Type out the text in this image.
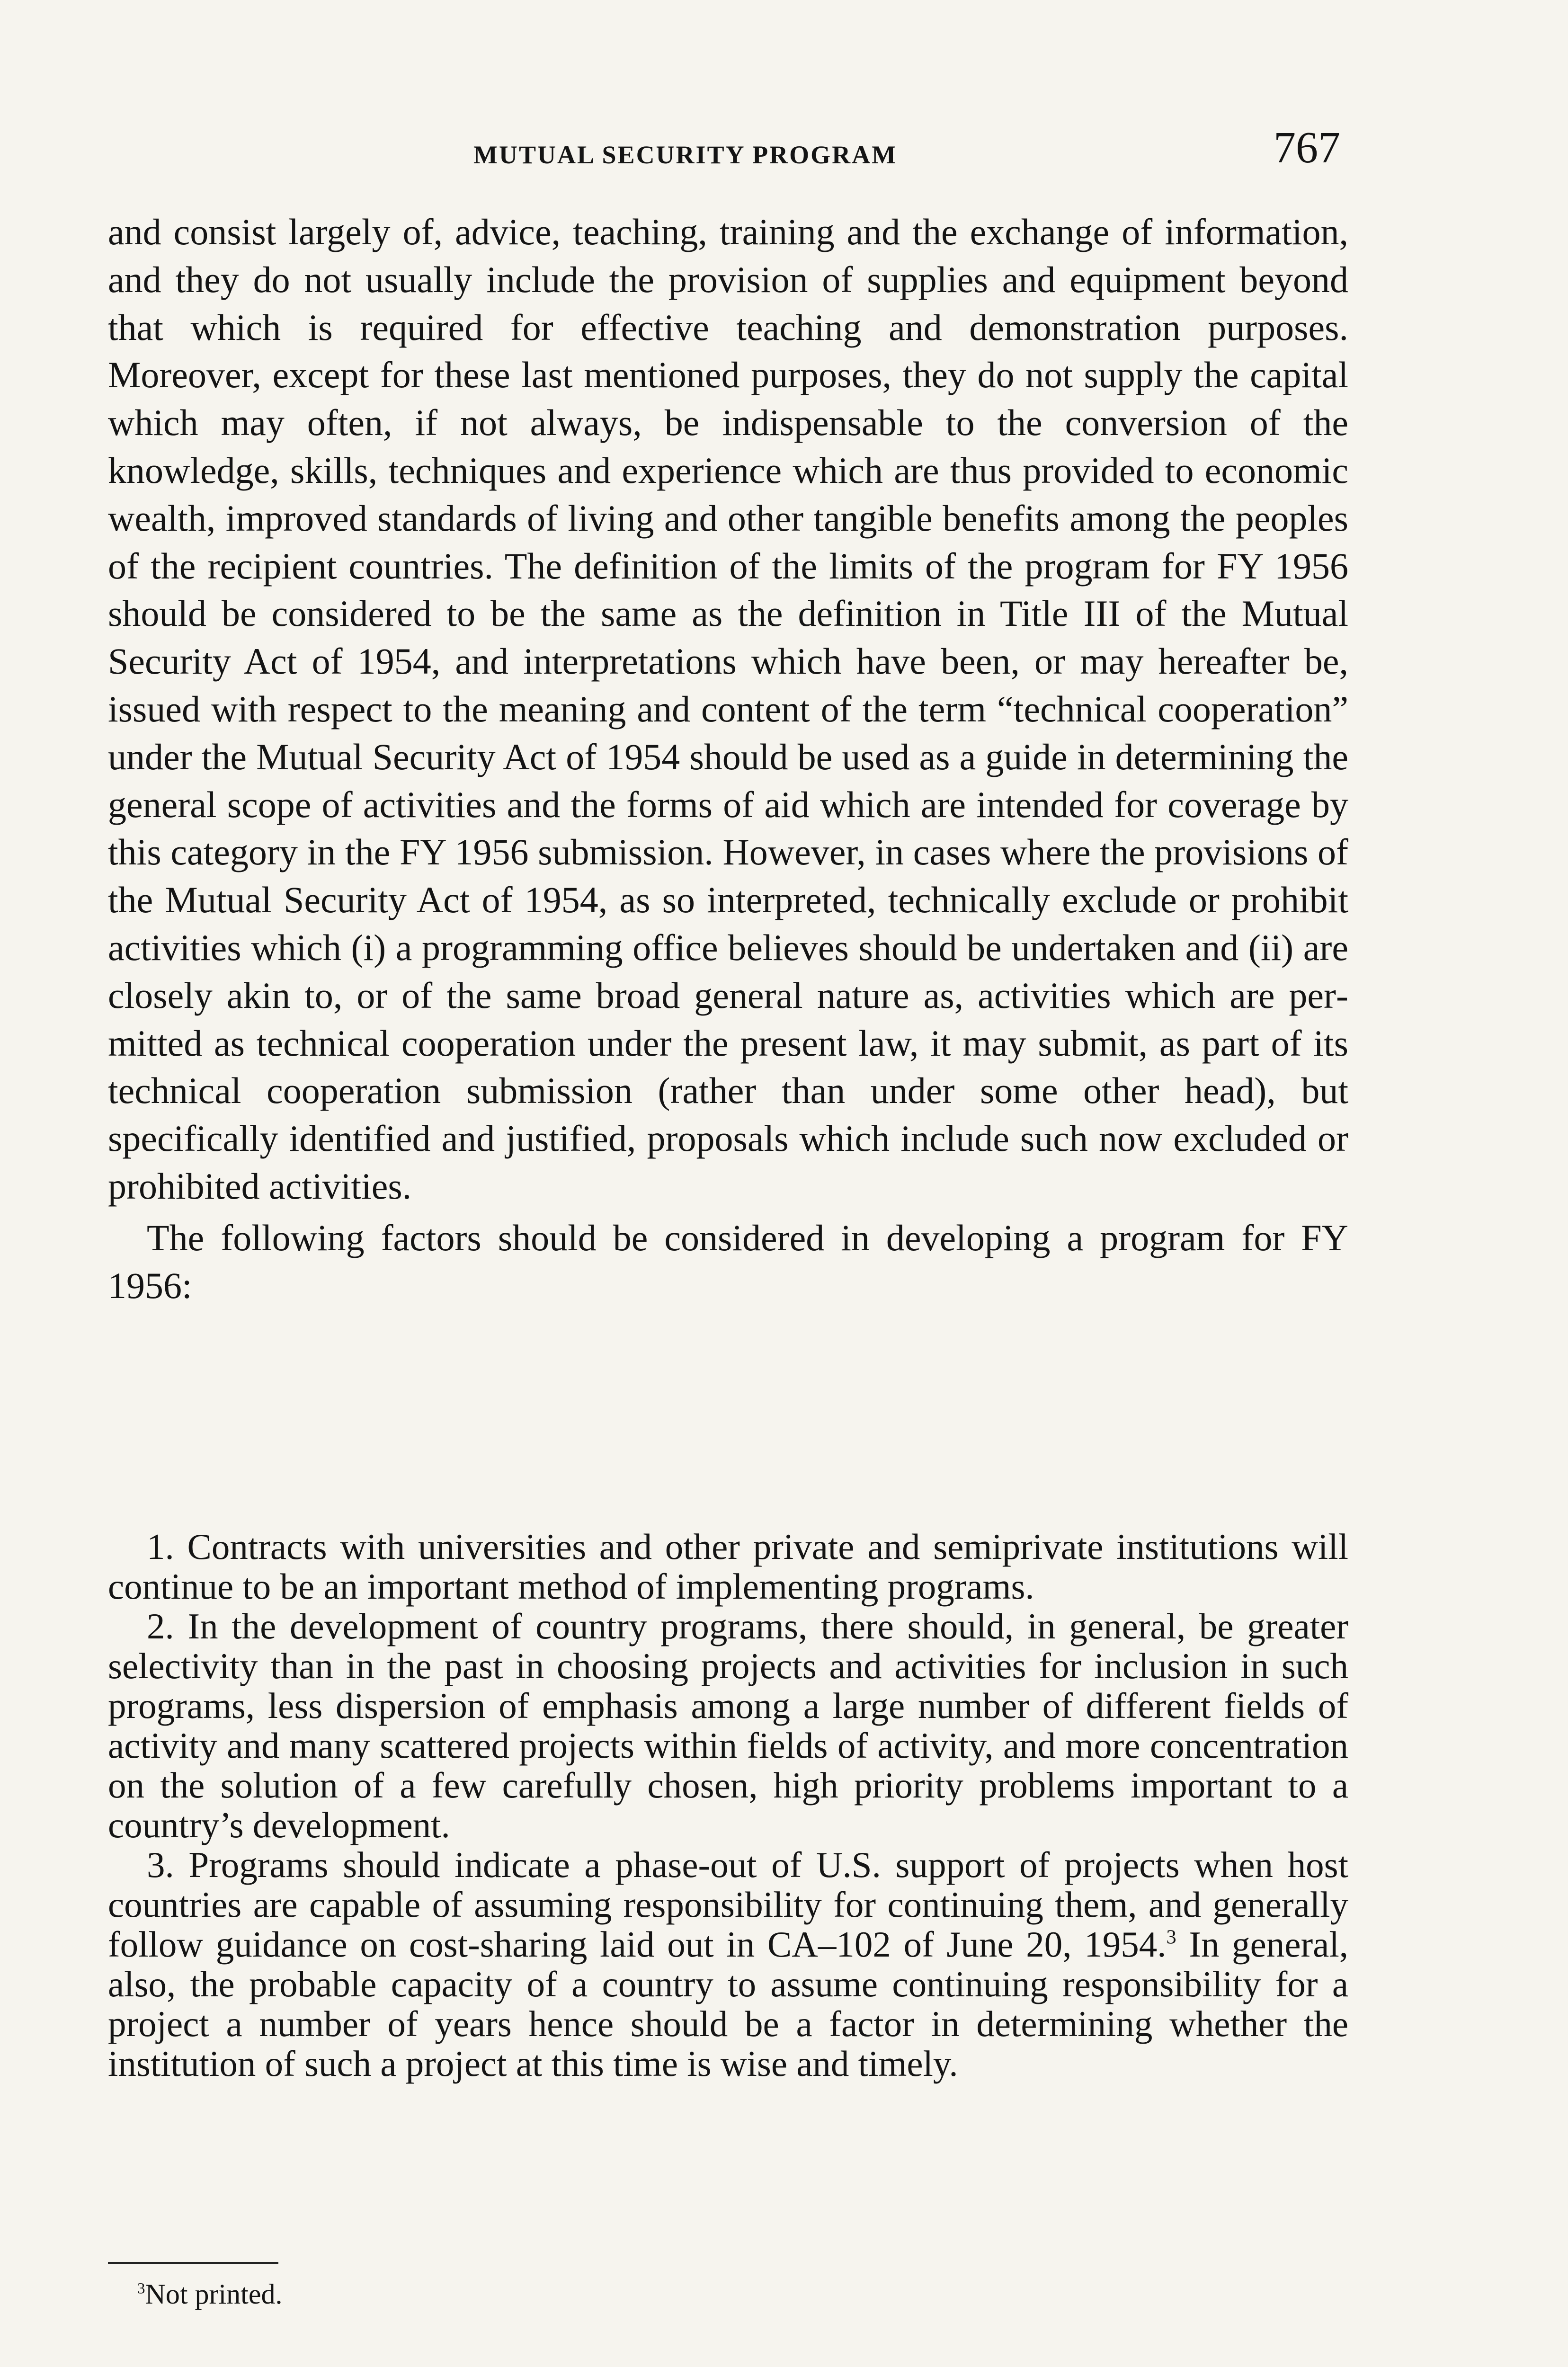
MUTUAL SECURITY PROGRAM	767

and consist largely of, advice, teaching, training and the exchange of information, and they do not usually include the provision of supplies and equipment beyond that which is required for effective teaching and demonstration purposes. Moreover, except for these last mentioned purposes, they do not supply the capital which may often, if not always, be indispensable to the conversion of the knowledge, skills, techniques and experience which are thus provided to economic wealth, improved standards of living and other tangible benefits among the peoples of the recipient countries. The definition of the limits of the program for FY 1956 should be considered to be the same as the definition in Title III of the Mutual Security Act of 1954, and interpretations which have been, or may hereafter be, issued with respect to the meaning and content of the term “technical cooperation” under the Mutual Security Act of 1954 should be used as a guide in determining the general scope of activities and the forms of aid which are intended for coverage by this category in the FY 1956 submission. However, in cases where the provisions of the Mutual Security Act of 1954, as so interpreted, technically exclude or prohibit activities which (i) a programming office believes should be undertaken and (ii) are closely akin to, or of the same broad general nature as, activities which are permitted as technical cooperation under the present law, it may submit, as part of its technical cooperation submission (rather than under some other head), but specifically identified and justified, proposals which include such now excluded or prohibited activities.

The following factors should be considered in developing a program for FY 1956:

1. Contracts with universities and other private and semiprivate institutions will continue to be an important method of implementing programs.

2. In the development of country programs, there should, in general, be greater selectivity than in the past in choosing projects and activities for inclusion in such programs, less dispersion of emphasis among a large number of different fields of activity and many scattered projects within fields of activity, and more concentration on the solution of a few carefully chosen, high priority problems important to a country’s development.

3. Programs should indicate a phase-out of U.S. support of projects when host countries are capable of assuming responsibility for continuing them, and generally follow guidance on cost-sharing laid out in CA–102 of June 20, 1954.$^3$ In general, also, the probable capacity of a country to assume continuing responsibility for a project a number of years hence should be a factor in determining whether the institution of such a project at this time is wise and timely.

$^3$Not printed.
